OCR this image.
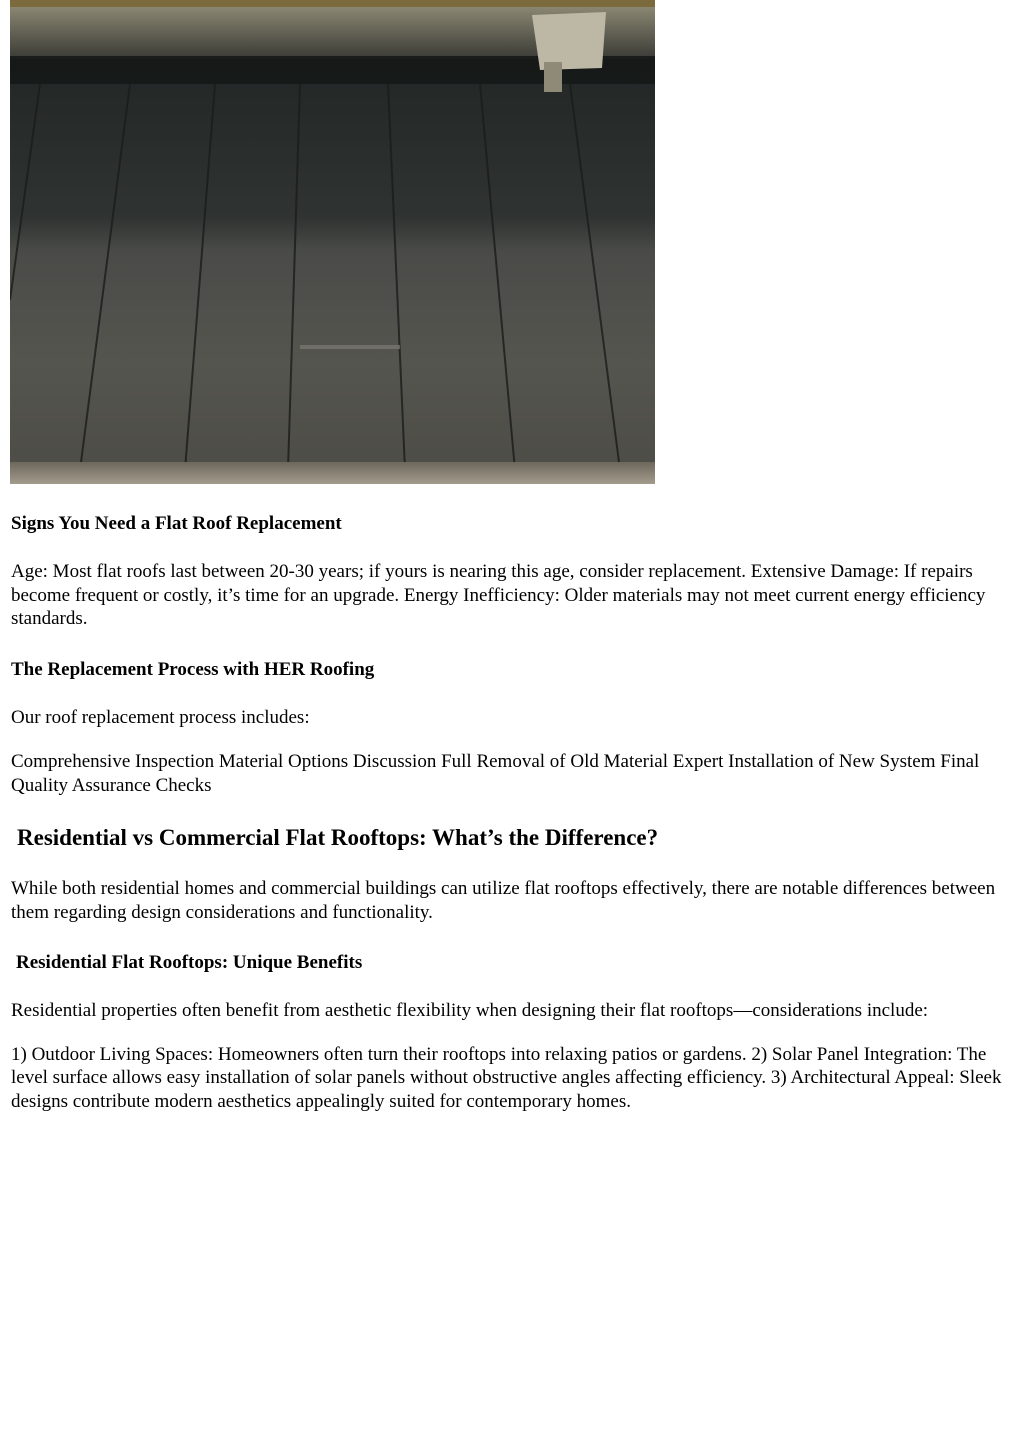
Signs You Need a Flat Roof Replacement

Age: Most flat roofs last between 20-30 years; if yours is nearing this age, consider replacement. Extensive Damage: If repairs become frequent or costly, it’s time for an upgrade. Energy Inefficiency: Older materials may not meet current energy efficiency standards.

The Replacement Process with HER Roofing

Our roof replacement process includes:

Comprehensive Inspection Material Options Discussion Full Removal of Old Material Expert Installation of New System Final Quality Assurance Checks

Residential vs Commercial Flat Rooftops: What’s the Difference?

While both residential homes and commercial buildings can utilize flat rooftops effectively, there are notable differences between them regarding design considerations and functionality.

Residential Flat Rooftops: Unique Benefits

Residential properties often benefit from aesthetic flexibility when designing their flat rooftops—considerations include:

1) Outdoor Living Spaces: Homeowners often turn their rooftops into relaxing patios or gardens. 2) Solar Panel Integration: The level surface allows easy installation of solar panels without obstructive angles affecting efficiency. 3) Architectural Appeal: Sleek designs contribute modern aesthetics appealingly suited for contemporary homes.
